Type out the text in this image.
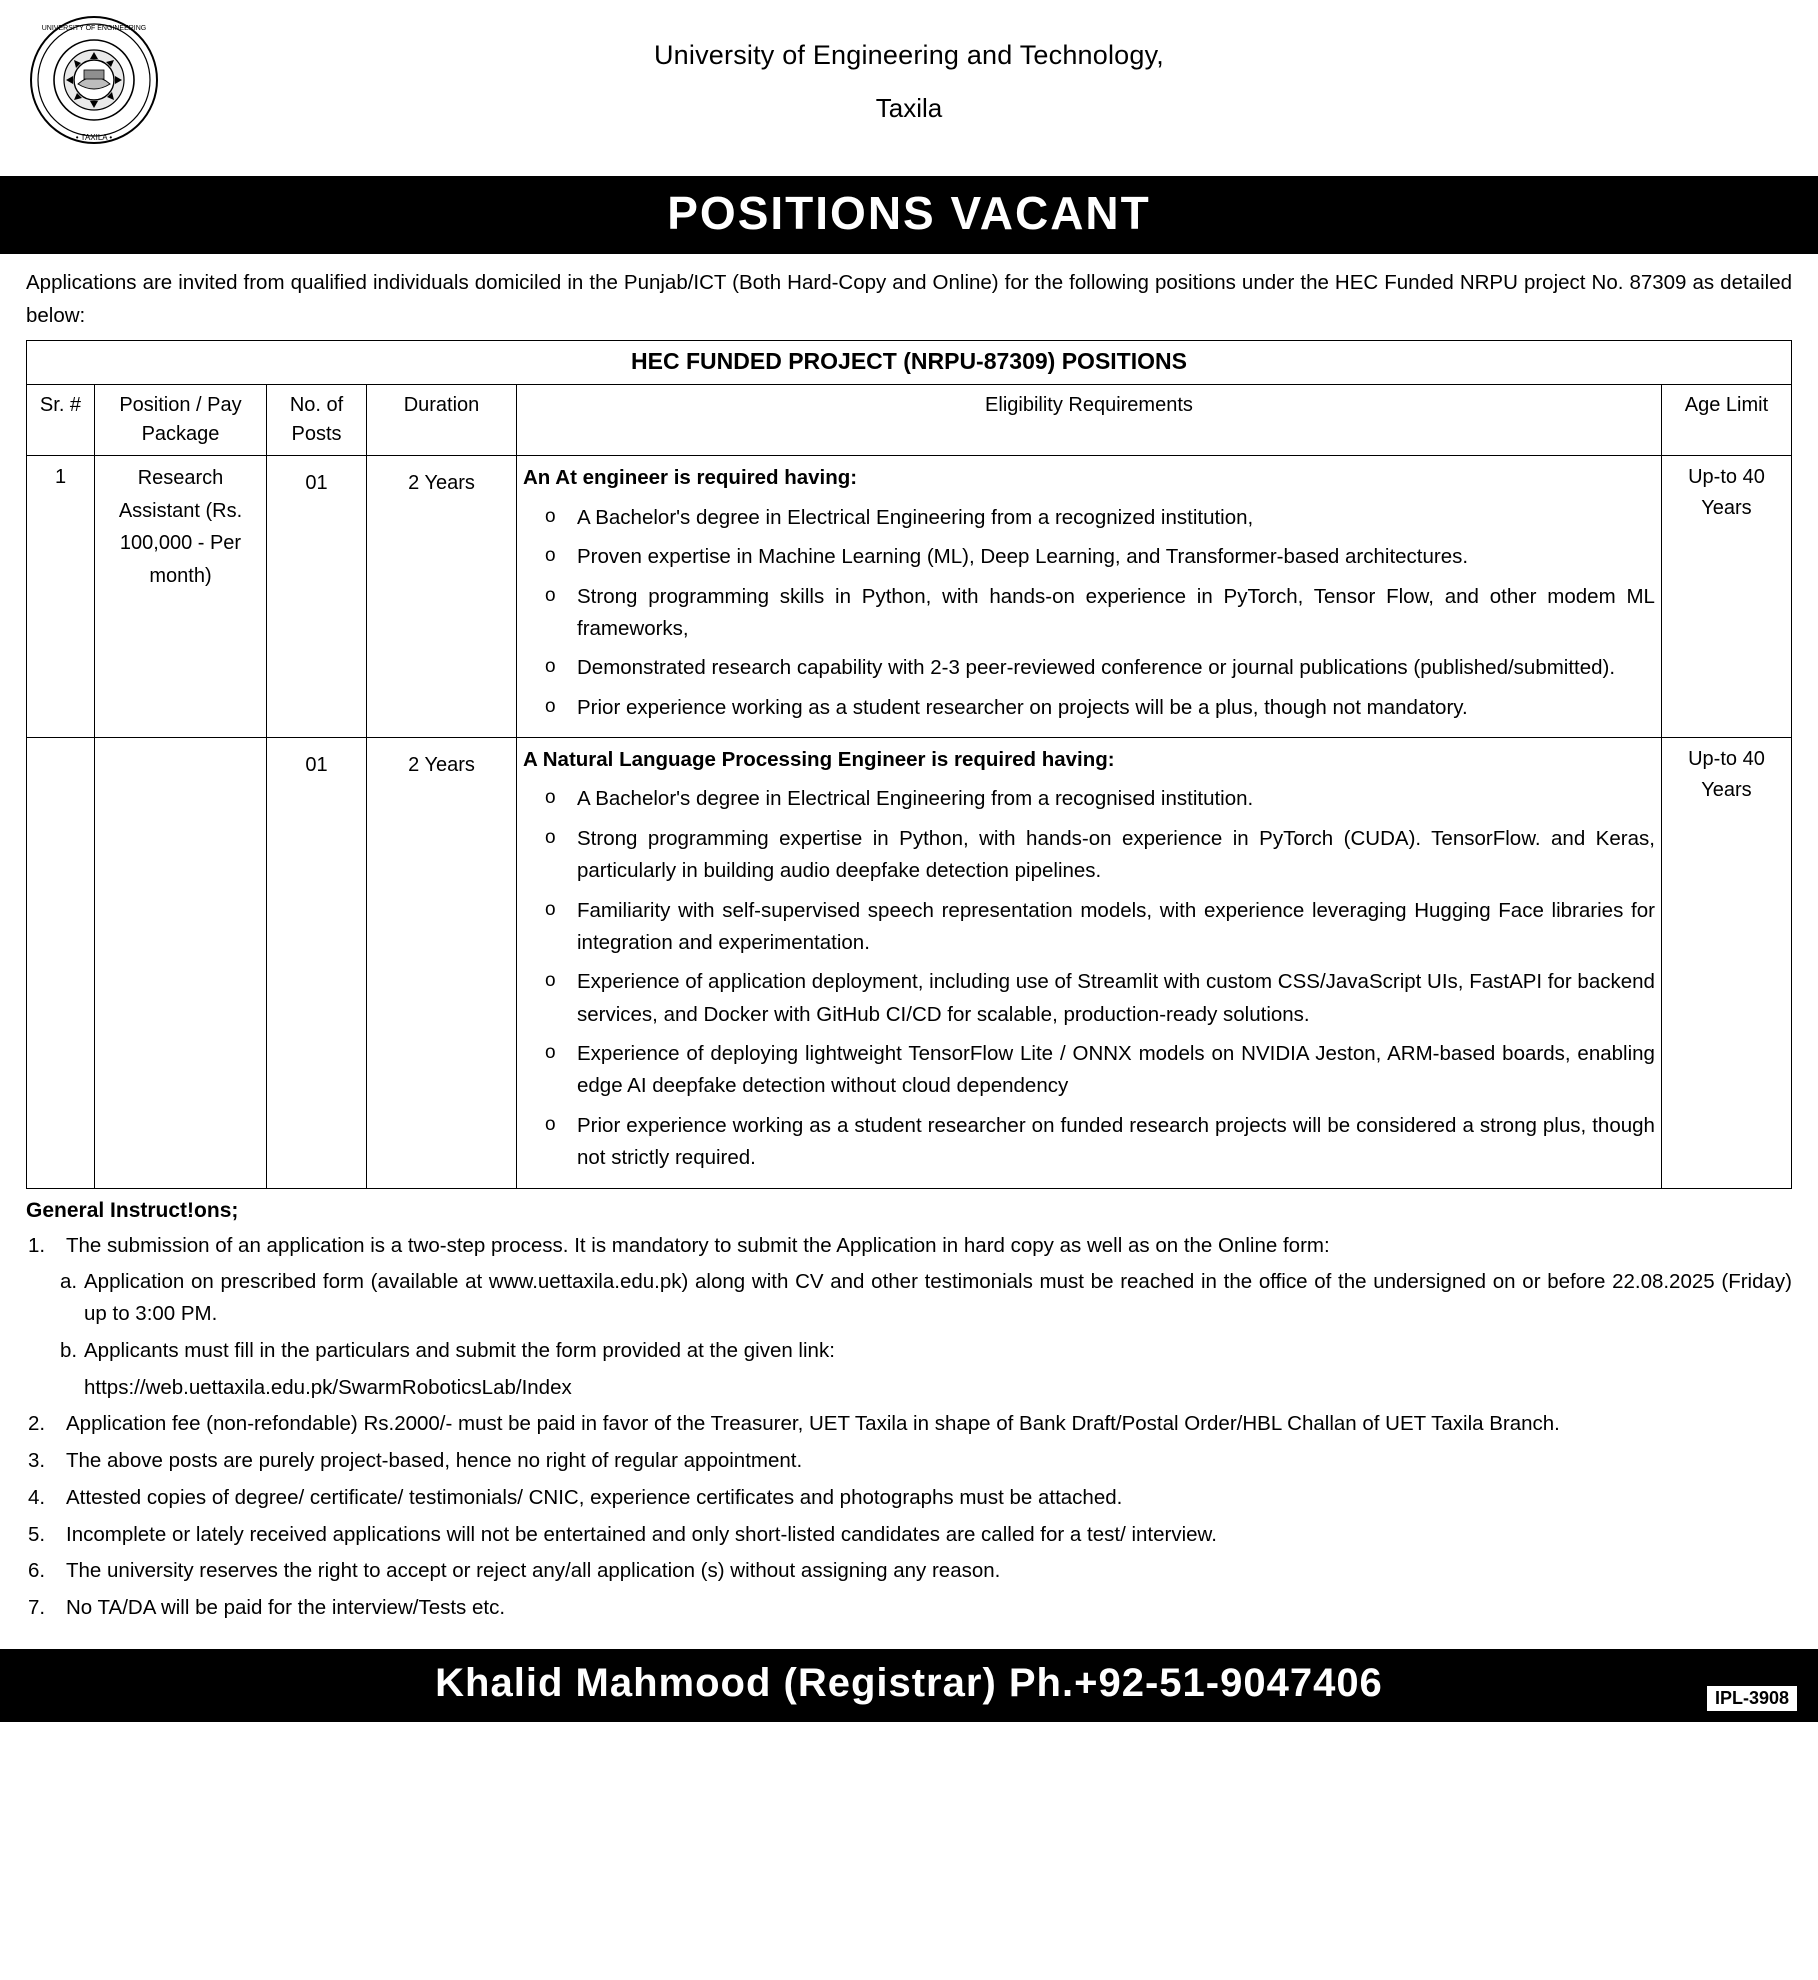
UNIVERSITY OF ENGINEERING
• TAXILA •
University of Engineering and Technology,
Taxila
POSITIONS VACANT
Applications are invited from qualified individuals domiciled in the Punjab/ICT (Both Hard-Copy and Online) for the following positions under the HEC Funded NRPU project No. 87309 as detailed below:
HEC FUNDED PROJECT (NRPU-87309) POSITIONS					
Sr. #	Position / Pay Package	No. of Posts	Duration	Eligibility Requirements	Age Limit
1	Research Assistant (Rs. 100,000 - Per month)	01	2 Years	An At engineer is required having:
o A Bachelor's degree in Electrical Engineering from a recognized institution,
o Proven expertise in Machine Learning (ML), Deep Learning, and Transformer-based architectures.
o Strong programming skills in Python, with hands-on experience in PyTorch, Tensor Flow, and other modem ML frameworks,
o Demonstrated research capability with 2-3 peer-reviewed conference or journal publications (published/submitted).
o Prior experience working as a student researcher on projects will be a plus, though not mandatory.
	Up-to 40 Years
		01	2 Years	A Natural Language Processing Engineer is required having:
o A Bachelor's degree in Electrical Engineering from a recognised institution.
o Strong programming expertise in Python, with hands-on experience in PyTorch (CUDA). TensorFlow. and Keras, particularly in building audio deepfake detection pipelines.
o Familiarity with self-supervised speech representation models, with experience leveraging Hugging Face libraries for integration and experimentation.
o Experience of application deployment, including use of Streamlit with custom CSS/JavaScript UIs, FastAPI for backend services, and Docker with GitHub CI/CD for scalable, production-ready solutions.
o Experience of deploying lightweight TensorFlow Lite / ONNX models on NVIDIA Jeston, ARM-based boards, enabling edge AI deepfake detection without cloud dependency
o Prior experience working as a student researcher on funded research projects will be considered a strong plus, though not strictly required.
	Up-to 40 Years
General Instruct!ons;
1. The submission of an application is a two-step process. It is mandatory to submit the Application in hard copy as well as on the Online form:
a. Application on prescribed form (available at www.uettaxila.edu.pk) along with CV and other testimonials must be reached in the office of the undersigned on or before 22.08.2025 (Friday) up to 3:00 PM.
b. Applicants must fill in the particulars and submit the form provided at the given link:
https://web.uettaxila.edu.pk/SwarmRoboticsLab/Index
2. Application fee (non-refondable) Rs.2000/- must be paid in favor of the Treasurer, UET Taxila in shape of Bank Draft/Postal Order/HBL Challan of UET Taxila Branch.
3. The above posts are purely project-based, hence no right of regular appointment.
4. Attested copies of degree/ certificate/ testimonials/ CNIC, experience certificates and photographs must be attached.
5. Incomplete or lately received applications will not be entertained and only short-listed candidates are called for a test/ interview.
6. The university reserves the right to accept or reject any/all application (s) without assigning any reason.
7. No TA/DA will be paid for the interview/Tests etc.
Khalid Mahmood (Registrar) Ph.+92-51-9047406	IPL-3908
